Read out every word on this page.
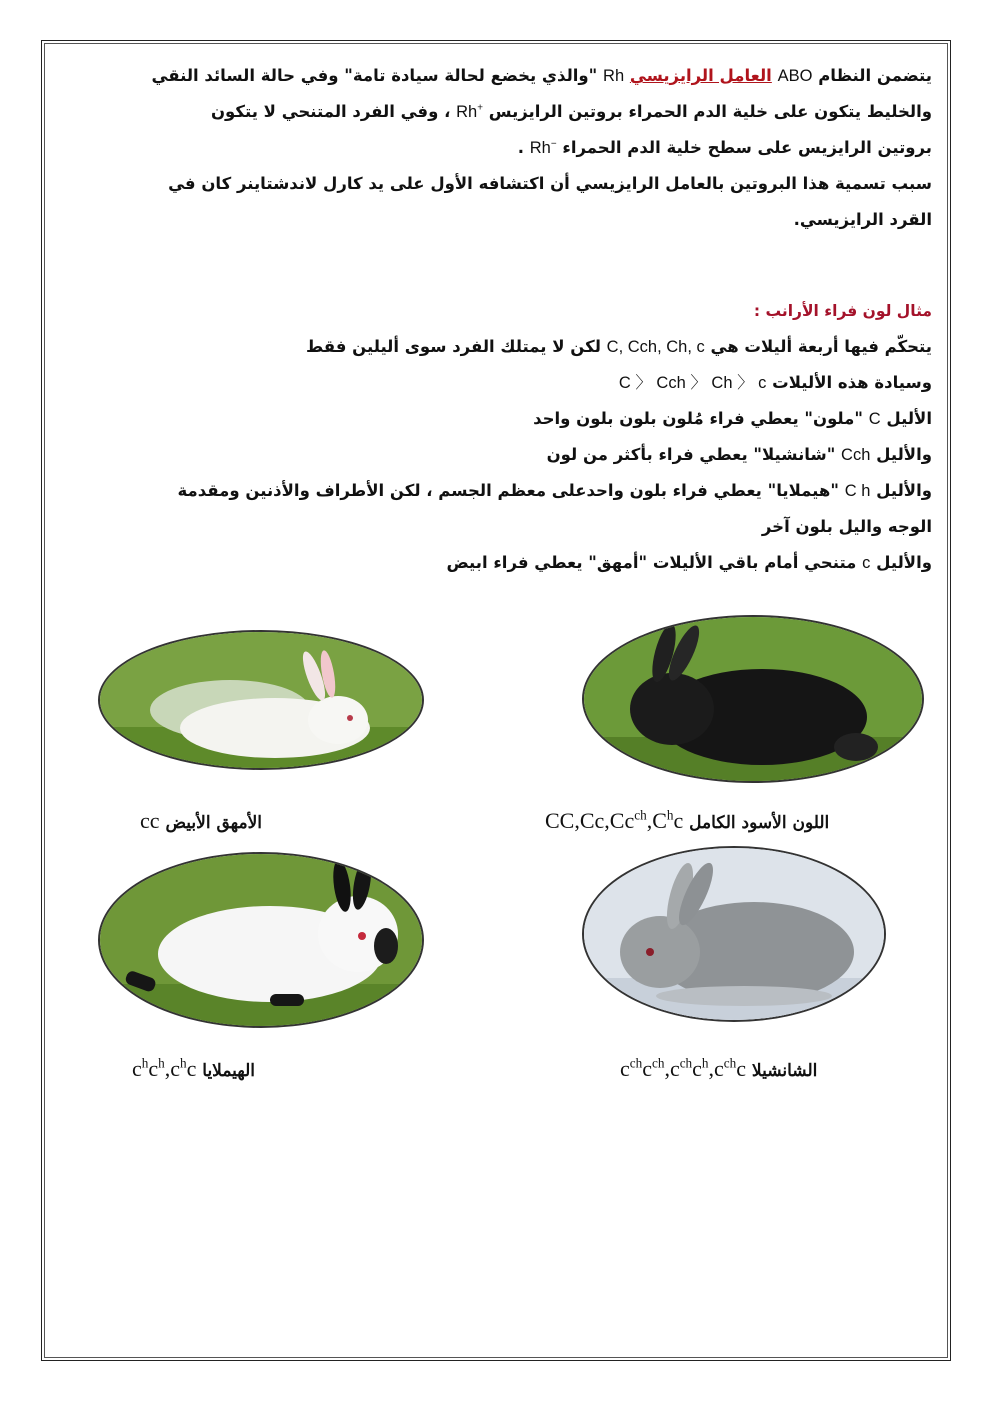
يتضمن النظام ABO العامل الرايزيسي Rh "والذي يخضع لحالة سيادة تامة" وفي حالة السائد النقي
والخليط يتكون على خلية الدم الحمراء بروتين الرايزيس Rh+ ، وفي الفرد المتنحي لا يتكون
بروتين الرايزيس على سطح خلية الدم الحمراء Rh− .
سبب تسمية هذا البروتين بالعامل الرايزيسي أن اكتشافه الأول على يد كارل لاندشتاينر كان في
القرد الرايزيسي.
مثال لون فراء الأرانب :
يتحكّم فيها أربعة أليلات هي C, Cch, Ch, c لكن لا يمتلك الفرد سوى أليلين فقط
وسيادة هذه الأليلات C 〉 Cch 〉 Ch 〉 c
الأليل C "ملون" يعطي فراء مُلون بلون بلون واحد
والأليل Cch "شانشيلا" يعطي فراء بأكثر من لون
والأليل C h "هيملايا" يعطي فراء بلون واحدعلى معظم الجسم ، لكن الأطراف والأذنين ومقدمة
الوجه واليل بلون آخر
والأليل c متنحي أمام باقي الأليلات "أمهق" يعطي فراء ابيض
الأمهق الأبيض cc	اللون الأسود الكامل $CC,Cc,Cc^{ch},C^hc$
الهيملايا $c^hc^h,c^hc$	الشانشيلا $c^{ch}c^{ch},c^{ch}c^h,c^{ch}c$
